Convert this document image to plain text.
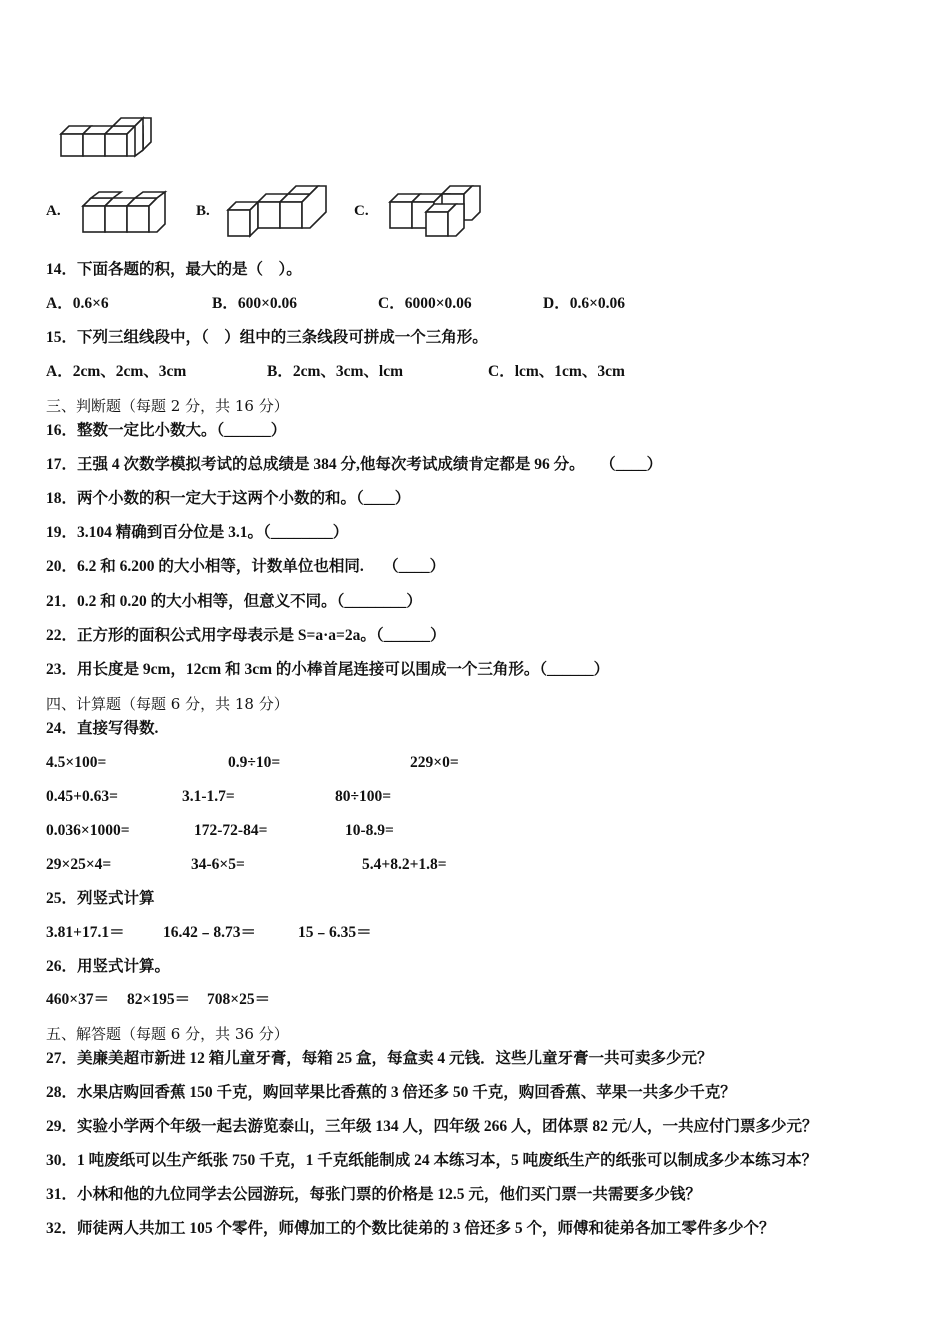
A.	B.	C.
14．下面各题的积，最大的是（    ）。
A．0.6×6	B．600×0.06	C．6000×0.06	D．0.6×0.06
15．下列三组线段中，（    ）组中的三条线段可拼成一个三角形。
A．2cm、2cm、3cm	B．2cm、3cm、lcm	C．lcm、1cm、3cm
三、判断题（每题 2 分，共 16 分）
16．整数一定比小数大。（______）
17．王强 4 次数学模拟考试的总成绩是 384 分,他每次考试成绩肯定都是 96 分。    （____）
18．两个小数的积一定大于这两个小数的和。（____）
19．3.104 精确到百分位是 3.1。（________）
20．6.2 和 6.200 的大小相等，计数单位也相同.     （____）
21．0.2 和 0.20 的大小相等，但意义不同。（________）
22．正方形的面积公式用字母表示是 S=a·a=2a。（______）
23．用长度是 9cm，12cm 和 3cm 的小棒首尾连接可以围成一个三角形。（______）
四、计算题（每题 6 分，共 18 分）
24．直接写得数.
4.5×100=	0.9÷10=	229×0=
0.45+0.63=	3.1-1.7=	80÷100=
0.036×1000=	172-72-84=	10-8.9=
29×25×4=	34-6×5=	5.4+8.2+1.8=
25．列竖式计算
3.81+17.1＝ 16.42﹣8.73＝	15﹣6.35＝
26．用竖式计算。
460×37＝ 82×195＝ 708×25＝
五、解答题（每题 6 分，共 36 分）
27．美廉美超市新进 12 箱儿童牙膏，每箱 25 盒，每盒卖 4 元钱．这些儿童牙膏一共可卖多少元？
28．水果店购回香蕉 150 千克，购回苹果比香蕉的 3 倍还多 50 千克，购回香蕉、苹果一共多少千克？
29．实验小学两个年级一起去游览泰山，三年级 134 人，四年级 266 人，团体票 82 元/人，一共应付门票多少元？
30．1 吨废纸可以生产纸张 750 千克，1 千克纸能制成 24 本练习本，5 吨废纸生产的纸张可以制成多少本练习本？
31．小林和他的九位同学去公园游玩，每张门票的价格是 12.5 元，他们买门票一共需要多少钱？
32．师徒两人共加工 105 个零件，师傅加工的个数比徒弟的 3 倍还多 5 个，师傅和徒弟各加工零件多少个？
